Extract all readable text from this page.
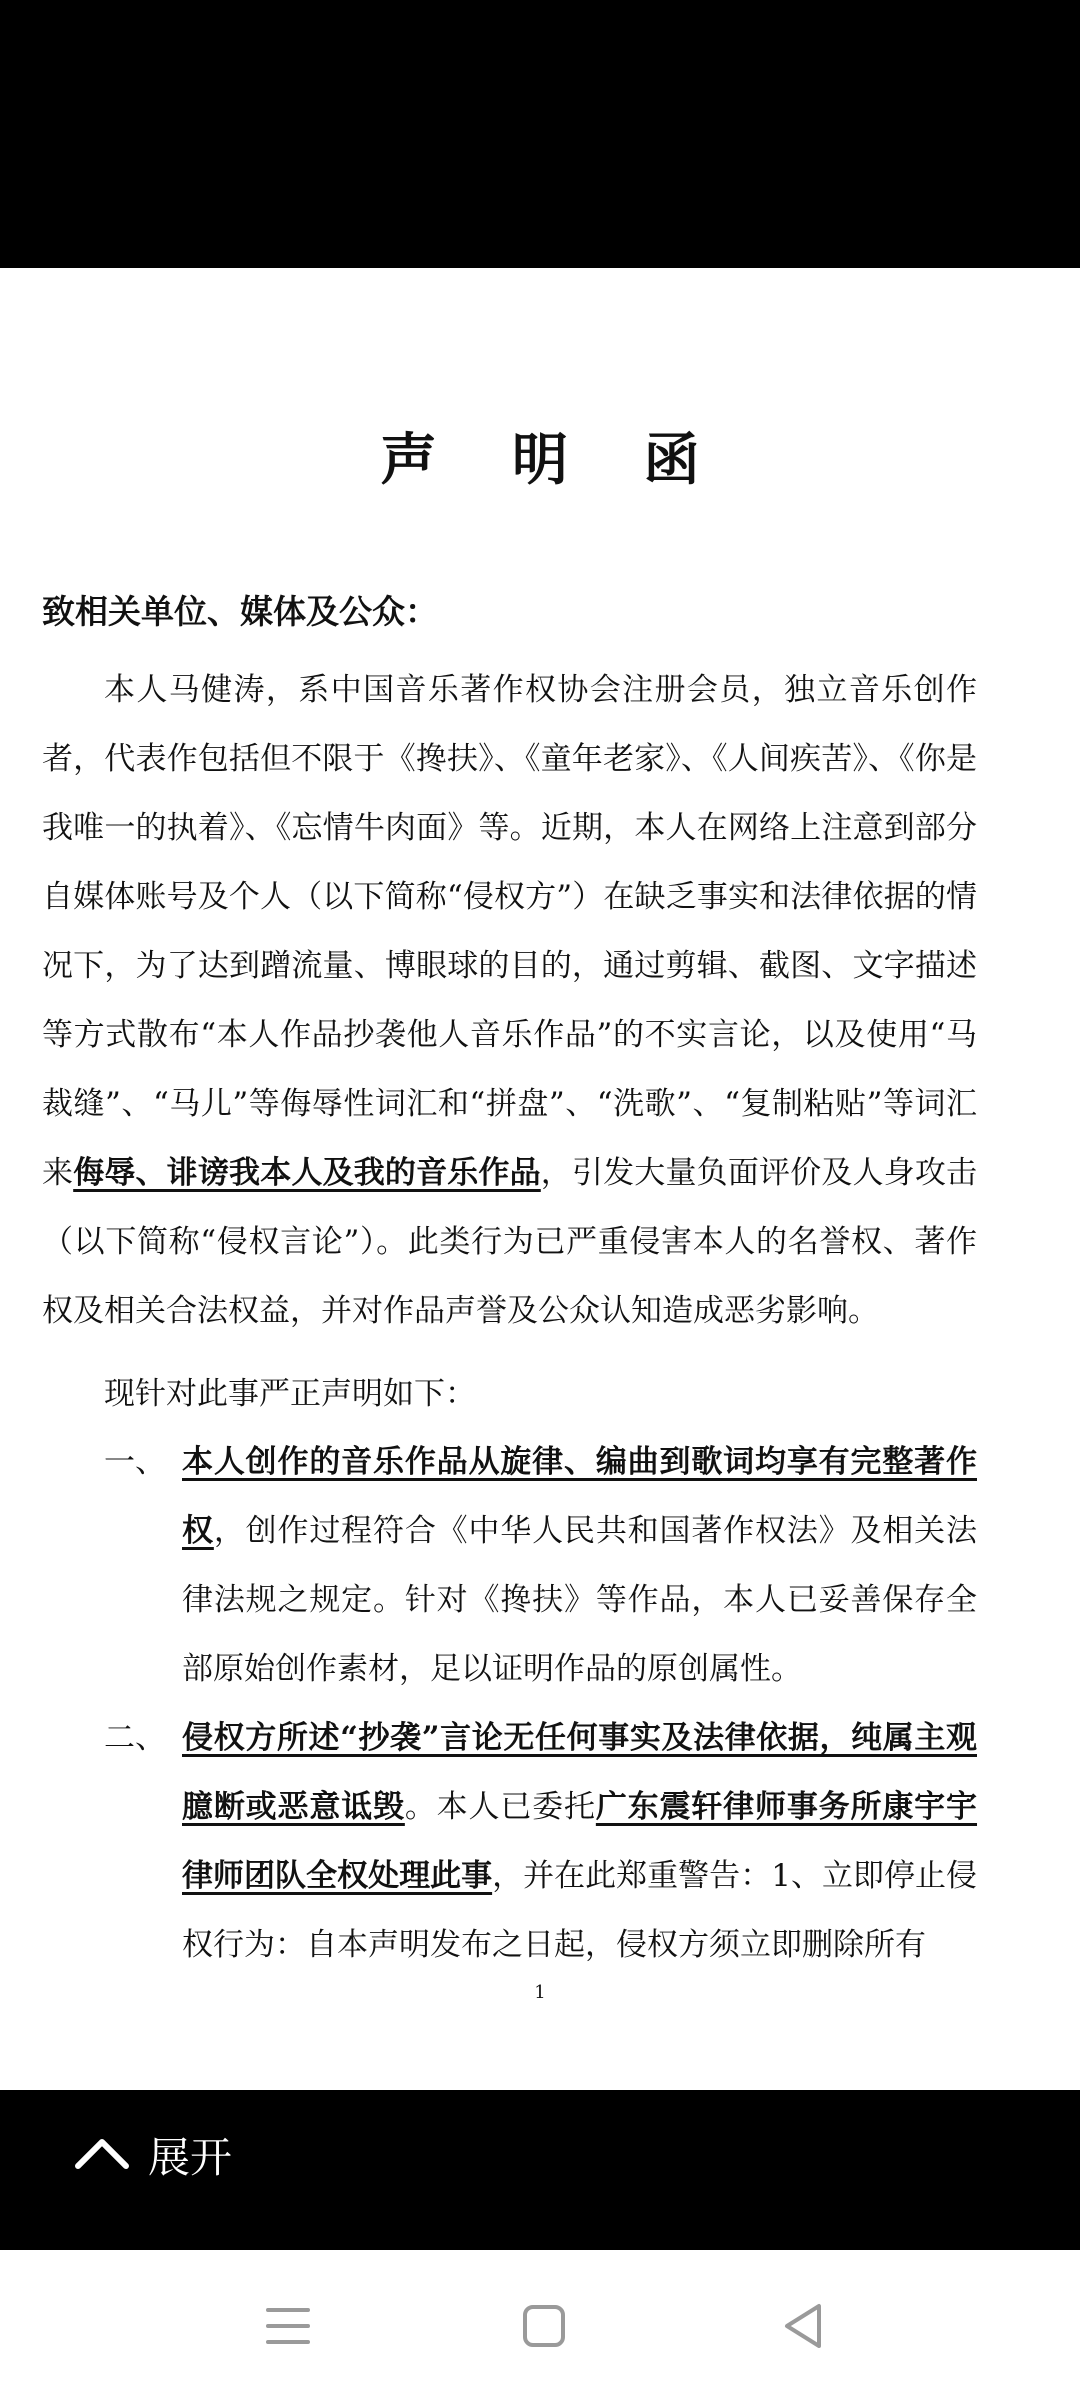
声 明 函
致相关单位、媒体及公众：
本人马健涛，系中国音乐著作权协会注册会员，独立音乐创作者，代表作包括但不限于《搀扶》、《童年老家》、《人间疾苦》、《你是我唯一的执着》、《忘情牛肉面》等。近期，本人在网络上注意到部分自媒体账号及个人（以下简称“侵权方”）在缺乏事实和法律依据的情况下，为了达到蹭流量、博眼球的目的，通过剪辑、截图、文字描述等方式散布“本人作品抄袭他人音乐作品”的不实言论，以及使用“马裁缝”、“马儿”等侮辱性词汇和“拼盘”、“洗歌”、“复制粘贴”等词汇来侮辱、诽谤我本人及我的音乐作品，引发大量负面评价及人身攻击（以下简称“侵权言论”）。此类行为已严重侵害本人的名誉权、著作权及相关合法权益，并对作品声誉及公众认知造成恶劣影响。
现针对此事严正声明如下：
一、 本人创作的音乐作品从旋律、编曲到歌词均享有完整著作权，创作过程符合《中华人民共和国著作权法》及相关法律法规之规定。针对《搀扶》等作品，本人已妥善保存全部原始创作素材，足以证明作品的原创属性。
二、 侵权方所述“抄袭”言论无任何事实及法律依据，纯属主观臆断或恶意诋毁。本人已委托广东震轩律师事务所康宇宇律师团队全权处理此事，并在此郑重警告：1、立即停止侵权行为：自本声明发布之日起，侵权方须立即删除所有
1
展开
